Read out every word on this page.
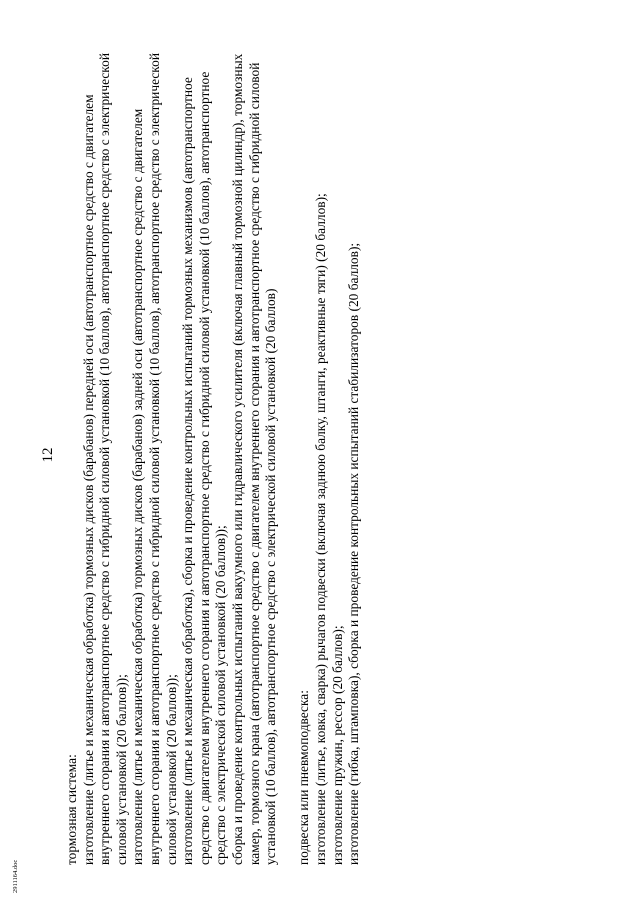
12

тормозная система: изготовление (литье и механическая обработка) тормозных дисков (барабанов) передней оси (автотранспортное средство с двигателем внутреннего сгорания и автотранспортное средство с гибридной силовой установкой (10 баллов), автотранспортное средство с электрической силовой установкой (20 баллов)); изготовление (литье и механическая обработка) тормозных дисков (барабанов) задней оси (автотранспортное средство с двигателем внутреннего сгорания и автотранспортное средство с гибридной силовой установкой (10 баллов), автотранспортное средство с электрической силовой установкой (20 баллов)); изготовление (литье и механическая обработка), сборка и проведение контрольных испытаний тормозных механизмов (автотранспортное средство с двигателем внутреннего сгорания и автотранспортное средство с гибридной силовой установкой (10 баллов), автотранспортное средство с электрической силовой установкой (20 баллов)); сборка и проведение контрольных испытаний вакуумного или гидравлического усилителя (включая главный тормозной цилиндр), тормозных камер, тормозного крана (автотранспортное средство с двигателем внутреннего сгорания и автотранспортное средство с гибридной силовой установкой (10 баллов), автотранспортное средство с электрической силовой установкой (20 баллов) подвеска или пневмоподвеска: изготовление (литье, ковка, сварка) рычагов подвески (включая заднюю балку, штанги, реактивные тяги) (20 баллов); изготовление пружин, рессор (20 баллов); изготовление (гибка, штамповка), сборка и проведение контрольных испытаний стабилизаторов (20 баллов);

2911164.doc
